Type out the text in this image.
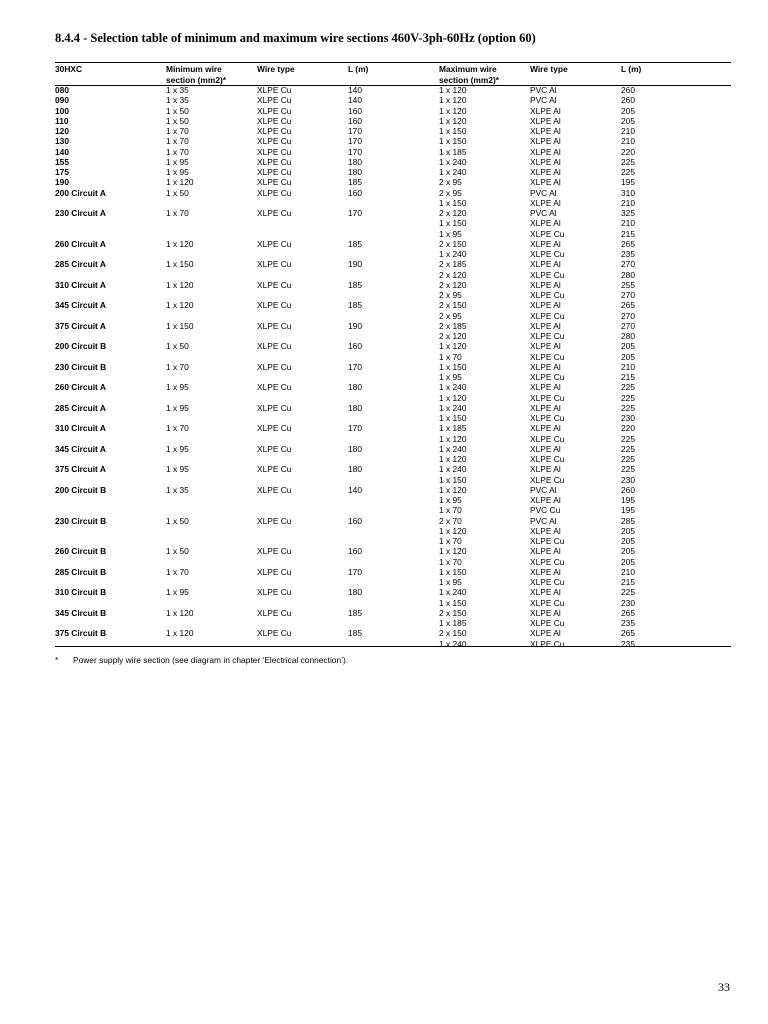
8.4.4 - Selection table of minimum and maximum wire sections 460V-3ph-60Hz (option 60)
30HXC	Minimum wire	Wire type	L (m)	Maximum wire	Wire type	L (m)
	section (mm2)*			section (mm2)*		
080	1 x 35	XLPE Cu	140	1 x 120	PVC Al	260
090	1 x 35	XLPE Cu	140	1 x 120	PVC Al	260
100	1 x 50	XLPE Cu	160	1 x 120	XLPE Al	205
110	1 x 50	XLPE Cu	160	1 x 120	XLPE Al	205
120	1 x 70	XLPE Cu	170	1 x 150	XLPE Al	210
130	1 x 70	XLPE Cu	170	1 x 150	XLPE Al	210
140	1 x 70	XLPE Cu	170	1 x 185	XLPE Al	220
155	1 x 95	XLPE Cu	180	1 x 240	XLPE Al	225
175	1 x 95	XLPE Cu	180	1 x 240	XLPE Al	225
190	1 x 120	XLPE Cu	185	2 x 95	XLPE Al	195
200 Circuit A	1 x 50	XLPE Cu	160	2 x 95	PVC Al	310
				1 x 150	XLPE Al	210
230 Circuit A	1 x 70	XLPE Cu	170	2 x 120	PVC Al	325
				1 x 150	XLPE Al	210
				1 x 95	XLPE Cu	215
260 Circuit A	1 x 120	XLPE Cu	185	2 x 150	XLPE Al	265
				1 x 240	XLPE Cu	235
285 Circuit A	1 x 150	XLPE Cu	190	2 x 185	XLPE Al	270
				2 x 120	XLPE Cu	280
310 Circuit A	1 x 120	XLPE Cu	185	2 x 120	XLPE Al	255
				2 x 95	XLPE Cu	270
345 Circuit A	1 x 120	XLPE Cu	185	2 x 150	XLPE Al	265
				2 x 95	XLPE Cu	270
375 Circuit A	1 x 150	XLPE Cu	190	2 x 185	XLPE Al	270
				2 x 120	XLPE Cu	280
200 Circuit B	1 x 50	XLPE Cu	160	1 x 120	XLPE Al	205
				1 x 70	XLPE Cu	205
230 Circuit B	1 x 70	XLPE Cu	170	1 x 150	XLPE Al	210
				1 x 95	XLPE Cu	215
260 Circuit A	1 x 95	XLPE Cu	180	1 x 240	XLPE Al	225
				1 x 120	XLPE Cu	225
285 Circuit A	1 x 95	XLPE Cu	180	1 x 240	XLPE Al	225
				1 x 150	XLPE Cu	230
310 Circuit A	1 x 70	XLPE Cu	170	1 x 185	XLPE Al	220
				1 x 120	XLPE Cu	225
345 Circuit A	1 x 95	XLPE Cu	180	1 x 240	XLPE Al	225
				1 x 120	XLPE Cu	225
375 Circuit A	1 x 95	XLPE Cu	180	1 x 240	XLPE Al	225
				1 x 150	XLPE Cu	230
200 Circuit B	1 x 35	XLPE Cu	140	1 x 120	PVC Al	260
				1 x 95	XLPE Al	195
				1 x 70	PVC Cu	195
230 Circuit B	1 x 50	XLPE Cu	160	2 x 70	PVC Al	285
				1 x 120	XLPE Al	205
				1 x 70	XLPE Cu	205
260 Circuit B	1 x 50	XLPE Cu	160	1 x 120	XLPE Al	205
				1 x 70	XLPE Cu	205
285 Circuit B	1 x 70	XLPE Cu	170	1 x 150	XLPE Al	210
				1 x 95	XLPE Cu	215
310 Circuit B	1 x 95	XLPE Cu	180	1 x 240	XLPE Al	225
				1 x 150	XLPE Cu	230
345 Circuit B	1 x 120	XLPE Cu	185	2 x 150	XLPE Al	265
				1 x 185	XLPE Cu	235
375 Circuit B	1 x 120	XLPE Cu	185	2 x 150	XLPE Al	265
				1 x 240	XLPE Cu	235
* Power supply wire section (see diagram in chapter ‘Electrical connection’).
33
